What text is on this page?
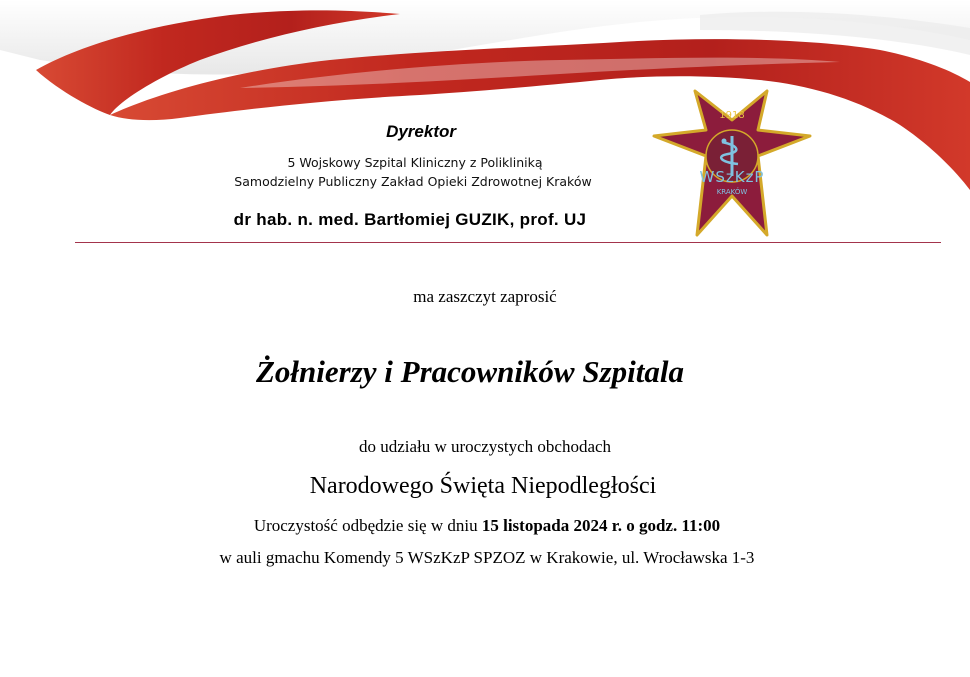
Dyrektor
5 Wojskowy Szpital Kliniczny z Polikliniką
Samodzielny Publiczny Zakład Opieki Zdrowotnej Kraków
dr hab. n. med. Bartłomiej GUZIK, prof. UJ
1918
WSzKzP
KRAKÓW
ma zaszczyt zaprosić
Żołnierzy i Pracowników Szpitala
do udziału w uroczystych obchodach
Narodowego Święta Niepodległości
Uroczystość odbędzie się w dniu 15 listopada 2024 r. o godz. 11:00
w auli gmachu Komendy 5 WSzKzP SPZOZ w Krakowie, ul. Wrocławska 1-3
